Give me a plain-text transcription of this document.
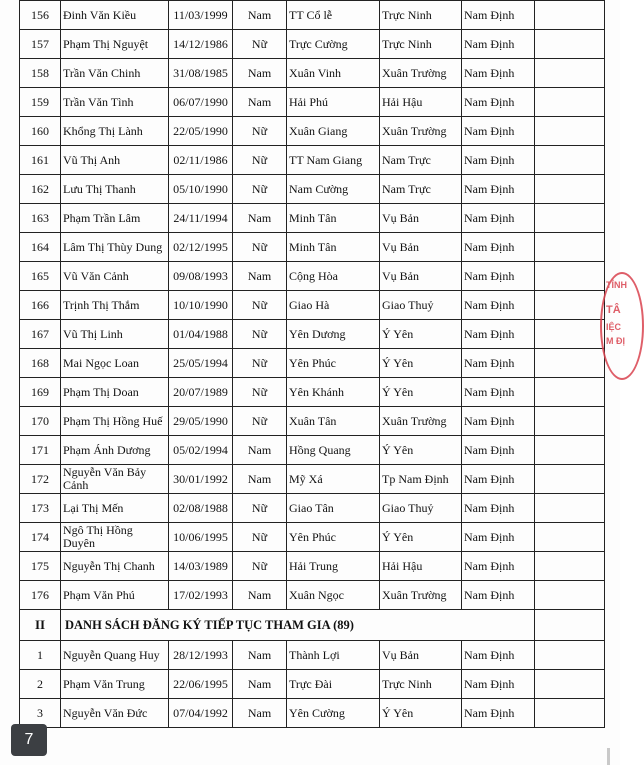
156	Đinh Văn Kiều	11/03/1999	Nam	TT Cổ lễ	Trực Ninh	Nam Định	
157	Phạm Thị Nguyệt	14/12/1986	Nữ	Trực Cường	Trực Ninh	Nam Định	
158	Trần Văn Chinh	31/08/1985	Nam	Xuân Vinh	Xuân Trường	Nam Định	
159	Trần Văn Tình	06/07/1990	Nam	Hải Phú	Hải Hậu	Nam Định	
160	Khổng Thị Lành	22/05/1990	Nữ	Xuân Giang	Xuân Trường	Nam Định	
161	Vũ Thị Anh	02/11/1986	Nữ	TT Nam Giang	Nam Trực	Nam Định	
162	Lưu Thị Thanh	05/10/1990	Nữ	Nam Cường	Nam Trực	Nam Định	
163	Phạm Trần Lâm	24/11/1994	Nam	Minh Tân	Vụ Bản	Nam Định	
164	Lâm Thị Thùy Dung	02/12/1995	Nữ	Minh Tân	Vụ Bản	Nam Định	
165	Vũ Văn Cảnh	09/08/1993	Nam	Cộng Hòa	Vụ Bản	Nam Định	
166	Trịnh Thị Thắm	10/10/1990	Nữ	Giao Hà	Giao Thuỷ	Nam Định	
167	Vũ Thị Linh	01/04/1988	Nữ	Yên Dương	Ý Yên	Nam Định	
168	Mai Ngọc Loan	25/05/1994	Nữ	Yên Phúc	Ý Yên	Nam Định	
169	Phạm Thị Doan	20/07/1989	Nữ	Yên Khánh	Ý Yên	Nam Định	
170	Phạm Thị Hồng Huế	29/05/1990	Nữ	Xuân Tân	Xuân Trường	Nam Định	
171	Phạm Ánh Dương	05/02/1994	Nam	Hồng Quang	Ý Yên	Nam Định	
172	Nguyễn Văn Bảy Cảnh	30/01/1992	Nam	Mỹ Xá	Tp Nam Định	Nam Định	
173	Lại Thị Mến	02/08/1988	Nữ	Giao Tân	Giao Thuỷ	Nam Định	
174	Ngô Thị Hồng Duyên	10/06/1995	Nữ	Yên Phúc	Ý Yên	Nam Định	
175	Nguyễn Thị Chanh	14/03/1989	Nữ	Hải Trung	Hải Hậu	Nam Định	
176	Phạm Văn Phú	17/02/1993	Nam	Xuân Ngọc	Xuân Trường	Nam Định	
II	DANH SÁCH ĐĂNG KÝ TIẾP TỤC THAM GIA (89)						
1	Nguyễn Quang Huy	28/12/1993	Nam	Thành Lợi	Vụ Bản	Nam Định	
2	Phạm Văn Trung	22/06/1995	Nam	Trực Đài	Trực Ninh	Nam Định	
3	Nguyễn Văn Đức	07/04/1992	Nam	Yên Cường	Ý Yên	Nam Định	
TỈNH
TÂ
IỆC
M ĐỊ
7
